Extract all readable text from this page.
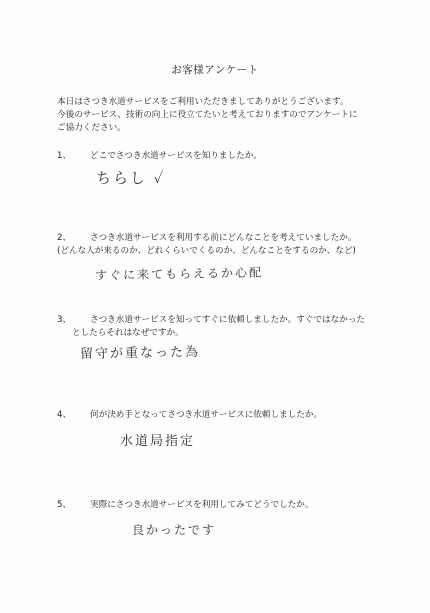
お客様アンケート
本日はさつき水道サービスをご利用いただきましてありがとうございます。
今後のサービス、技術の向上に役立てたいと考えておりますのでアンケートに
ご協力ください。
1、 どこでさつき水道サービスを知りましたか。
ちらし ✓
2、 さつき水道サービスを利用する前にどんなことを考えていましたか。
(どんな人が来るのか、どれくらいでくるのか、どんなことをするのか、など)
すぐに来てもらえるか心配
3、 さつき水道サービスを知ってすぐに依頼しましたか。すぐではなかった
としたらそれはなぜですか。
留守が重なった為
4、 何が決め手となってさつき水道サービスに依頼しましたか。
水道局指定
5、 実際にさつき水道サービスを利用してみてどうでしたか。
良かったです
